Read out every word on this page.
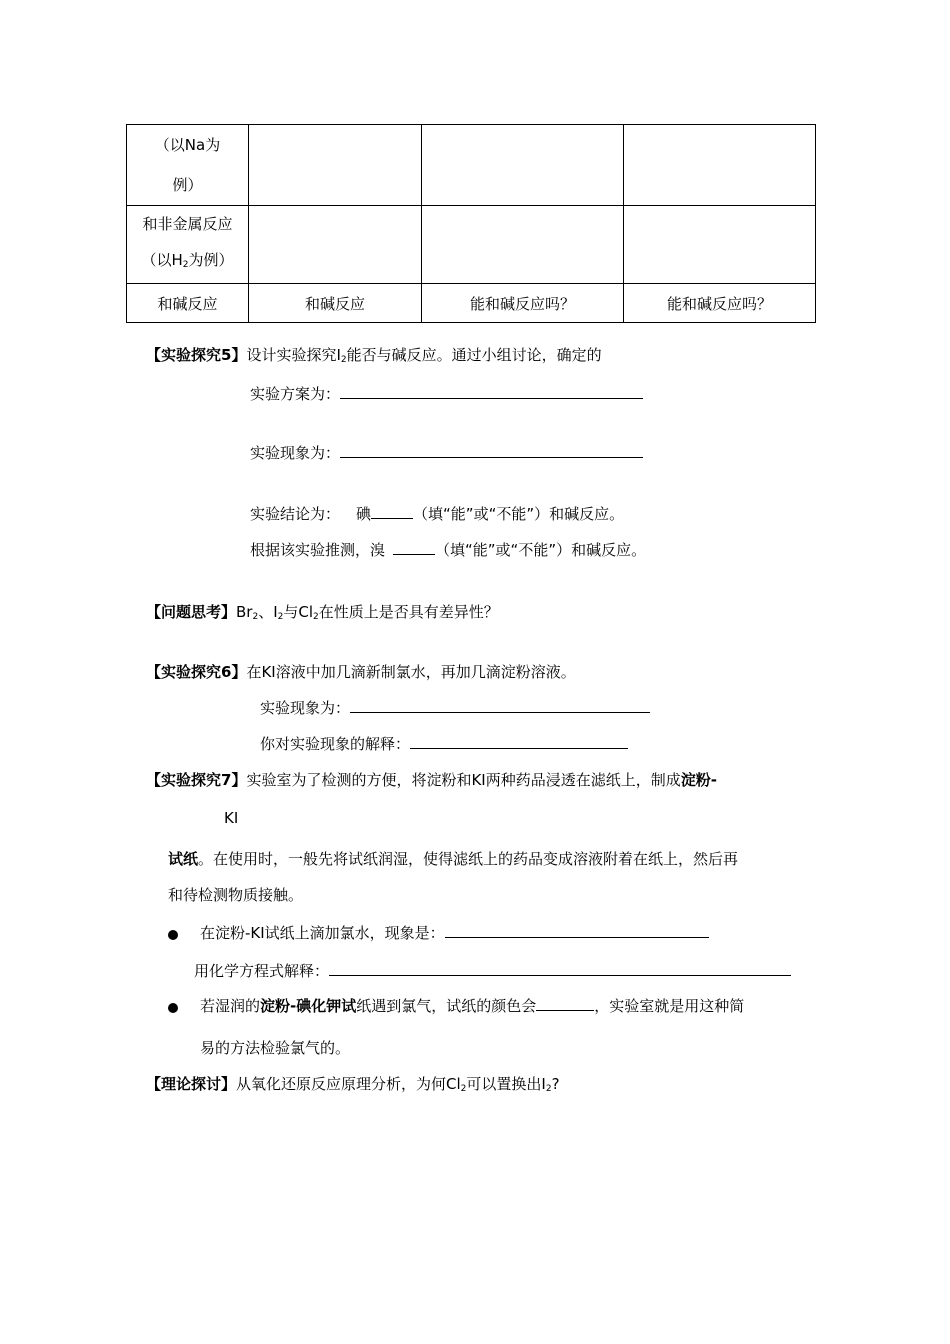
（以Na为
例）			

和非金属反应
（以$H_2$为例）			

和碱反应	和碱反应	能和碱反应吗？	能和碱反应吗？
【实验探究5】设计实验探究$I_2$能否与碱反应。通过小组讨论，确定的
实验方案为：
实验现象为：
实验结论为： 碘	（填“能”或“不能”）和碱反应。
根据该实验推测，溴	（填“能”或“不能”）和碱反应。
【问题思考】$Br_2$、$I_2$与$Cl_2$在性质上是否具有差异性？
【实验探究6】在KI溶液中加几滴新制氯水，再加几滴淀粉溶液。
实验现象为：
你对实验现象的解释：
【实验探究7】实验室为了检测的方便，将淀粉和KI两种药品浸透在滤纸上，制成淀粉-
KI
试纸。在使用时，一般先将试纸润湿，使得滤纸上的药品变成溶液附着在纸上，然后再
和待检测物质接触。
在淀粉-KI试纸上滴加氯水，现象是：
用化学方程式解释：
若湿润的淀粉-碘化钾试纸遇到氯气，试纸的颜色会	，实验室就是用这种简
易的方法检验氯气的。
【理论探讨】从氧化还原反应原理分析，为何$Cl_2$可以置换出$I_2$?
